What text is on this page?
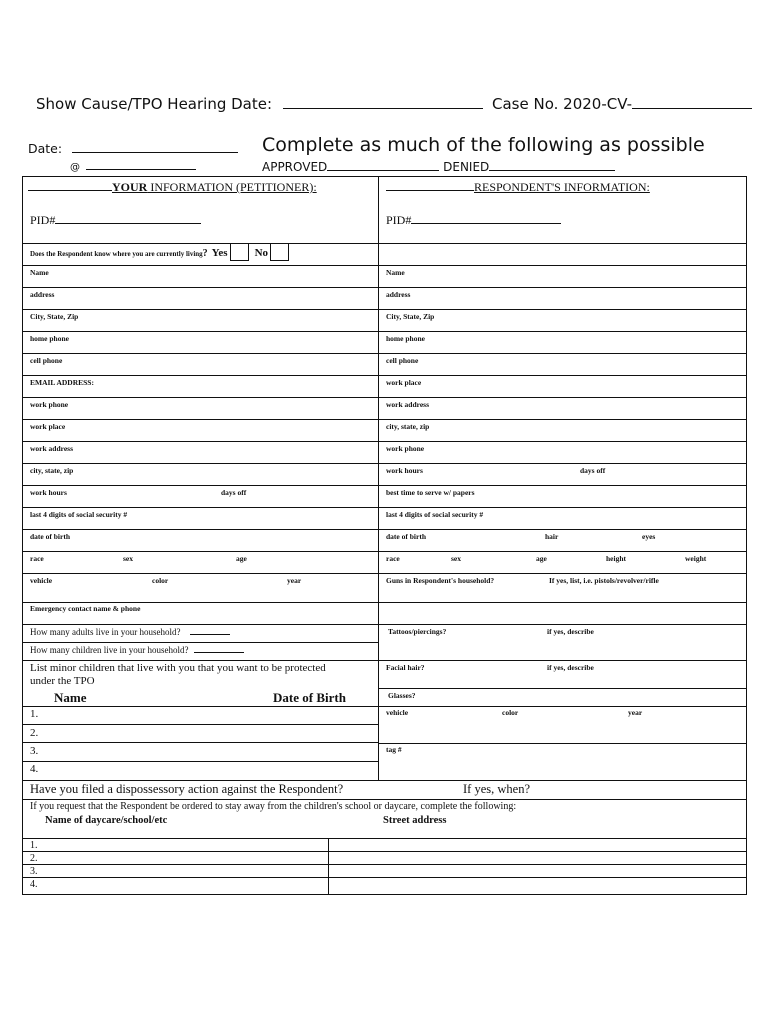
Show Cause/TPO Hearing Date:	Case No. 2020-CV-
Date:	Complete as much of the following as possible
@	APPROVED	DENIED
YOUR INFORMATION (PETITIONER):	RESPONDENT'S INFORMATION:
PID#	PID#
Does the Respondent know where you are currently living? Yes No
Name
address
City, State, Zip
home phone
cell phone
EMAIL ADDRESS:
work phone
work place
work address
city, state, zip
work hours	days off
last 4 digits of social security #
date of birth
race	sex	age
vehicle	color	year
Emergency contact name & phone
How many adults live in your household?
How many children live in your household?
List minor children that live with you that you want to be protected
under the TPO
Name	Date of Birth
1.
2.
3.
4.
Name
address
City, State, Zip
home phone
cell phone
work place
work address
city, state, zip
work phone
work hours	days off
best time to serve w/ papers
last 4 digits of social security #
date of birth	hair	eyes
race	sex	age	height	weight
Guns in Respondent's household?	If yes, list, i.e. pistols/revolver/rifle
Tattoos/piercings?	if yes, describe
Facial hair?	if yes, describe
Glasses?
vehicle	color	year
tag #
Have you filed a dispossessory action against the Respondent?	If yes, when?
If you request that the Respondent be ordered to stay away from the children's school or daycare, complete the following:
Name of daycare/school/etc	Street address
1.
2.
3.
4.
